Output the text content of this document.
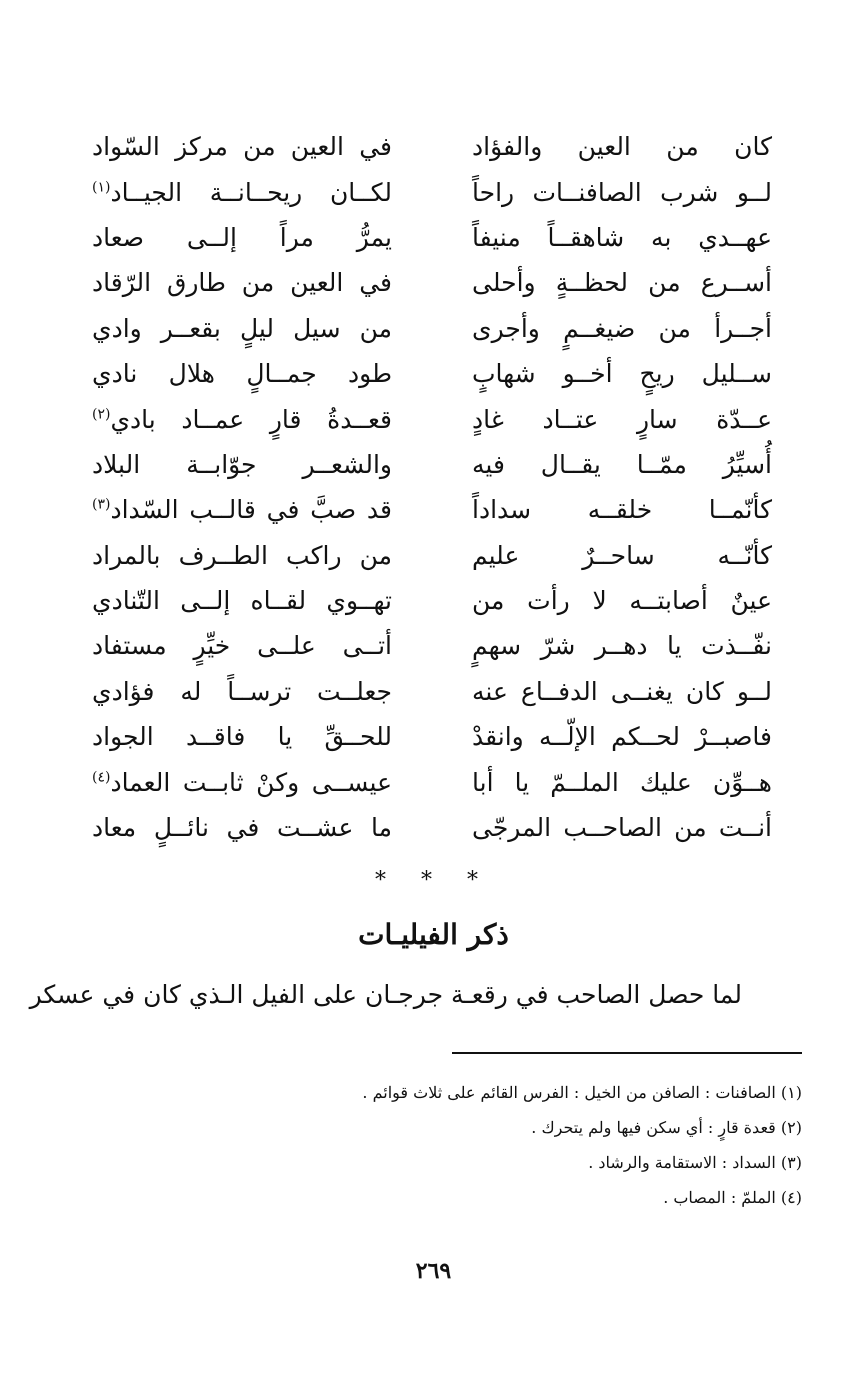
كان من العين والفؤاد
في العين من مركز السّواد
لــو شرب الصافنــات راحاً
لكــان ريحــانــة الجيــاد$^{(١)}$
عهــدي به شاهقــاً منيفاً
يمرُّ مراً إلــى صعاد
أســرع من لحظــةٍ وأحلى
في العين من طارق الرّقاد
أجــرأ من ضيغــمٍ وأجرى
من سيل ليلٍ بقعــر وادي
ســليل ريحٍ أخــو شهابٍ
طود جمــالٍ هلال نادي
عــدّة سارٍ عتــاد غادٍ
قعــدةُ قارٍ عمــاد بادي$^{(٢)}$
أُسيِّرُ ممّــا يقــال فيه
والشعــر جوّابــة البلاد
كأنّمــا خلقــه سداداً
قد صبَّ في قالــب السّداد$^{(٣)}$
كأنّــه ساحــرٌ عليم
من راكب الطــرف بالمراد
عينٌ أصابتــه لا رأت من
تهــوي لقــاه إلــى التّنادي
نفّــذت يا دهــر شرّ سهمٍ
أتــى علــى خيِّرٍ مستفاد
لــو كان يغنــى الدفــاع عنه
جعلــت ترســاً له فؤادي
فاصبــرْ لحــكم الإلّــه وانقدْ
للحــقِّ يا فاقــد الجواد
هــوِّن عليك الملــمّ يا أبا
عيســى وكنْ ثابــت العماد$^{(٤)}$
أنــت من الصاحــب المرجّى
ما عشــت في نائــلٍ معاد
* * *
ذكر الفيليـات
لما حصل الصاحب في رقعـة جرجـان على الفيل الـذي كان في عسكر
(١) الصافنات : الصافن من الخيل : الفرس القائم على ثلاث قوائم .
(٢) قعدة قارٍ : أي سكن فيها ولم يتحرك .
(٣) السداد : الاستقامة والرشاد .
(٤) الملمّ : المصاب .
٢٦٩
